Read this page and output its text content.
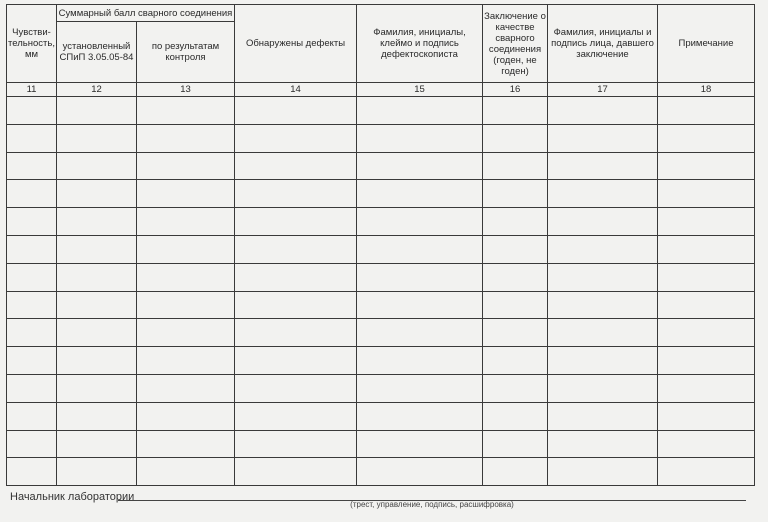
Чувстви-тельность, мм	Суммарный балл сварного соединения		Обнаружены дефекты	Фамилия, инициалы, клеймо и подпись дефектоскописта	Заключение о качестве сварного соединения (годен, не годен)	Фамилия, инициалы и подпись лица, давшего заключение	Примечание
	установленный СПиП 3.05.05-84	по результатам контроля					
11	12	13	14	15	16	17	18

Начальник лаборатории
(трест, управление, подпись, расшифровка)
